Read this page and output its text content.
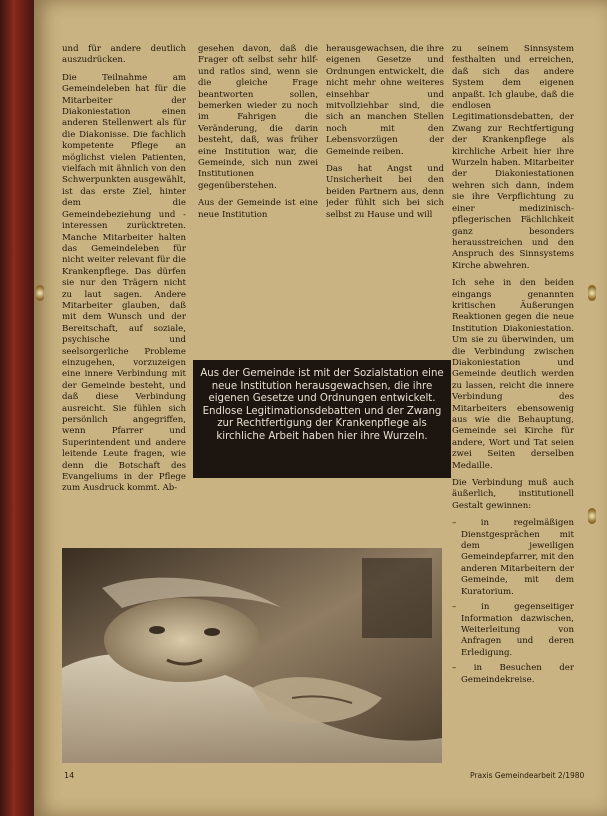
und für andere deutlich auszudrücken.

Die Teilnahme am Gemeindeleben hat für die Mitarbeiter der Diakoniestation einen anderen Stellenwert als für die Diakonisse. Die fachlich kompetente Pflege an möglichst vielen Patienten, vielfach mit ähnlich von den Schwerpunkten ausgewählt, ist das erste Ziel, hinter dem die Gemeindebeziehung und -interessen zurücktreten. Manche Mitarbeiter halten das Gemeindeleben für nicht weiter relevant für die Krankenpflege. Das dürfen sie nur den Trägern nicht zu laut sagen. Andere Mitarbeiter glauben, daß mit dem Wunsch und der Bereitschaft, auf soziale, psychische und seelsorgerliche Probleme einzugehen, vorzuzeigen eine innere Verbindung mit der Gemeinde besteht, und daß diese Verbindung ausreicht. Sie fühlen sich persönlich angegriffen, wenn Pfarrer und Superintendent und andere leitende Leute fragen, wie denn die Botschaft des Evangeliums in der Pflege zum Ausdruck kommt. Ab-

gesehen davon, daß die Frager oft selbst sehr hilf- und ratlos sind, wenn sie die gleiche Frage beantworten sollen, bemerken wieder zu noch im Fahrigen die Veränderung, die darin besteht, daß, was früher eine Institution war, die Gemeinde, sich nun zwei Institutionen gegenüberstehen.

Aus der Gemeinde ist eine neue Institution

herausgewachsen, die ihre eigenen Gesetze und Ordnungen entwickelt, die nicht mehr ohne weiteres einsehbar und mitvollziehbar sind, die sich an manchen Stellen noch mit den Lebensvorzügen der Gemeinde reiben.

Das hat Angst und Unsicherheit bei den beiden Partnern aus, denn jeder fühlt sich bei sich selbst zu Hause und will

zu seinem Sinnsystem festhalten und erreichen, daß sich das andere System dem eigenen anpaßt. Ich glaube, daß die endlosen Legitimationsdebatten, der Zwang zur Rechtfertigung der Krankenpflege als kirchliche Arbeit hier ihre Wurzeln haben. Mitarbeiter der Diakoniestationen wehren sich dann, indem sie ihre Verpflichtung zu einer medizinisch-pflegerischen Fächlichkeit ganz besonders herausstreichen und den Anspruch des Sinnsystems Kirche abwehren.

Ich sehe in den beiden eingangs genannten kritischen Äußerungen Reaktionen gegen die neue Institution Diakoniestation. Um sie zu überwinden, um die Verbindung zwischen Diakoniestation und Gemeinde deutlich werden zu lassen, reicht die innere Verbindung des Mitarbeiters ebensowenig aus wie die Behauptung, Gemeinde sei Kirche für andere, Wort und Tat seien zwei Seiten derselben Medaille.

Die Verbindung muß auch äußerlich, institutionell Gestalt gewinnen:

– in regelmäßigen Dienstgesprächen mit dem jeweiligen Gemeindepfarrer, mit den anderen Mitarbeitern der Gemeinde, mit dem Kuratorium.
– in gegenseitiger Information dazwischen, Weiterleitung von Anfragen und deren Erledigung.
– in Besuchen der Gemeindekreise.
Aus der Gemeinde ist mit der Sozialstation eine neue Institution herausgewachsen, die ihre eigenen Gesetze und Ordnungen entwickelt. Endlose Legitimationsdebatten und der Zwang zur Rechtfertigung der Krankenpflege als kirchliche Arbeit haben hier ihre Wurzeln.
14	Praxis Gemeindearbeit 2/1980
